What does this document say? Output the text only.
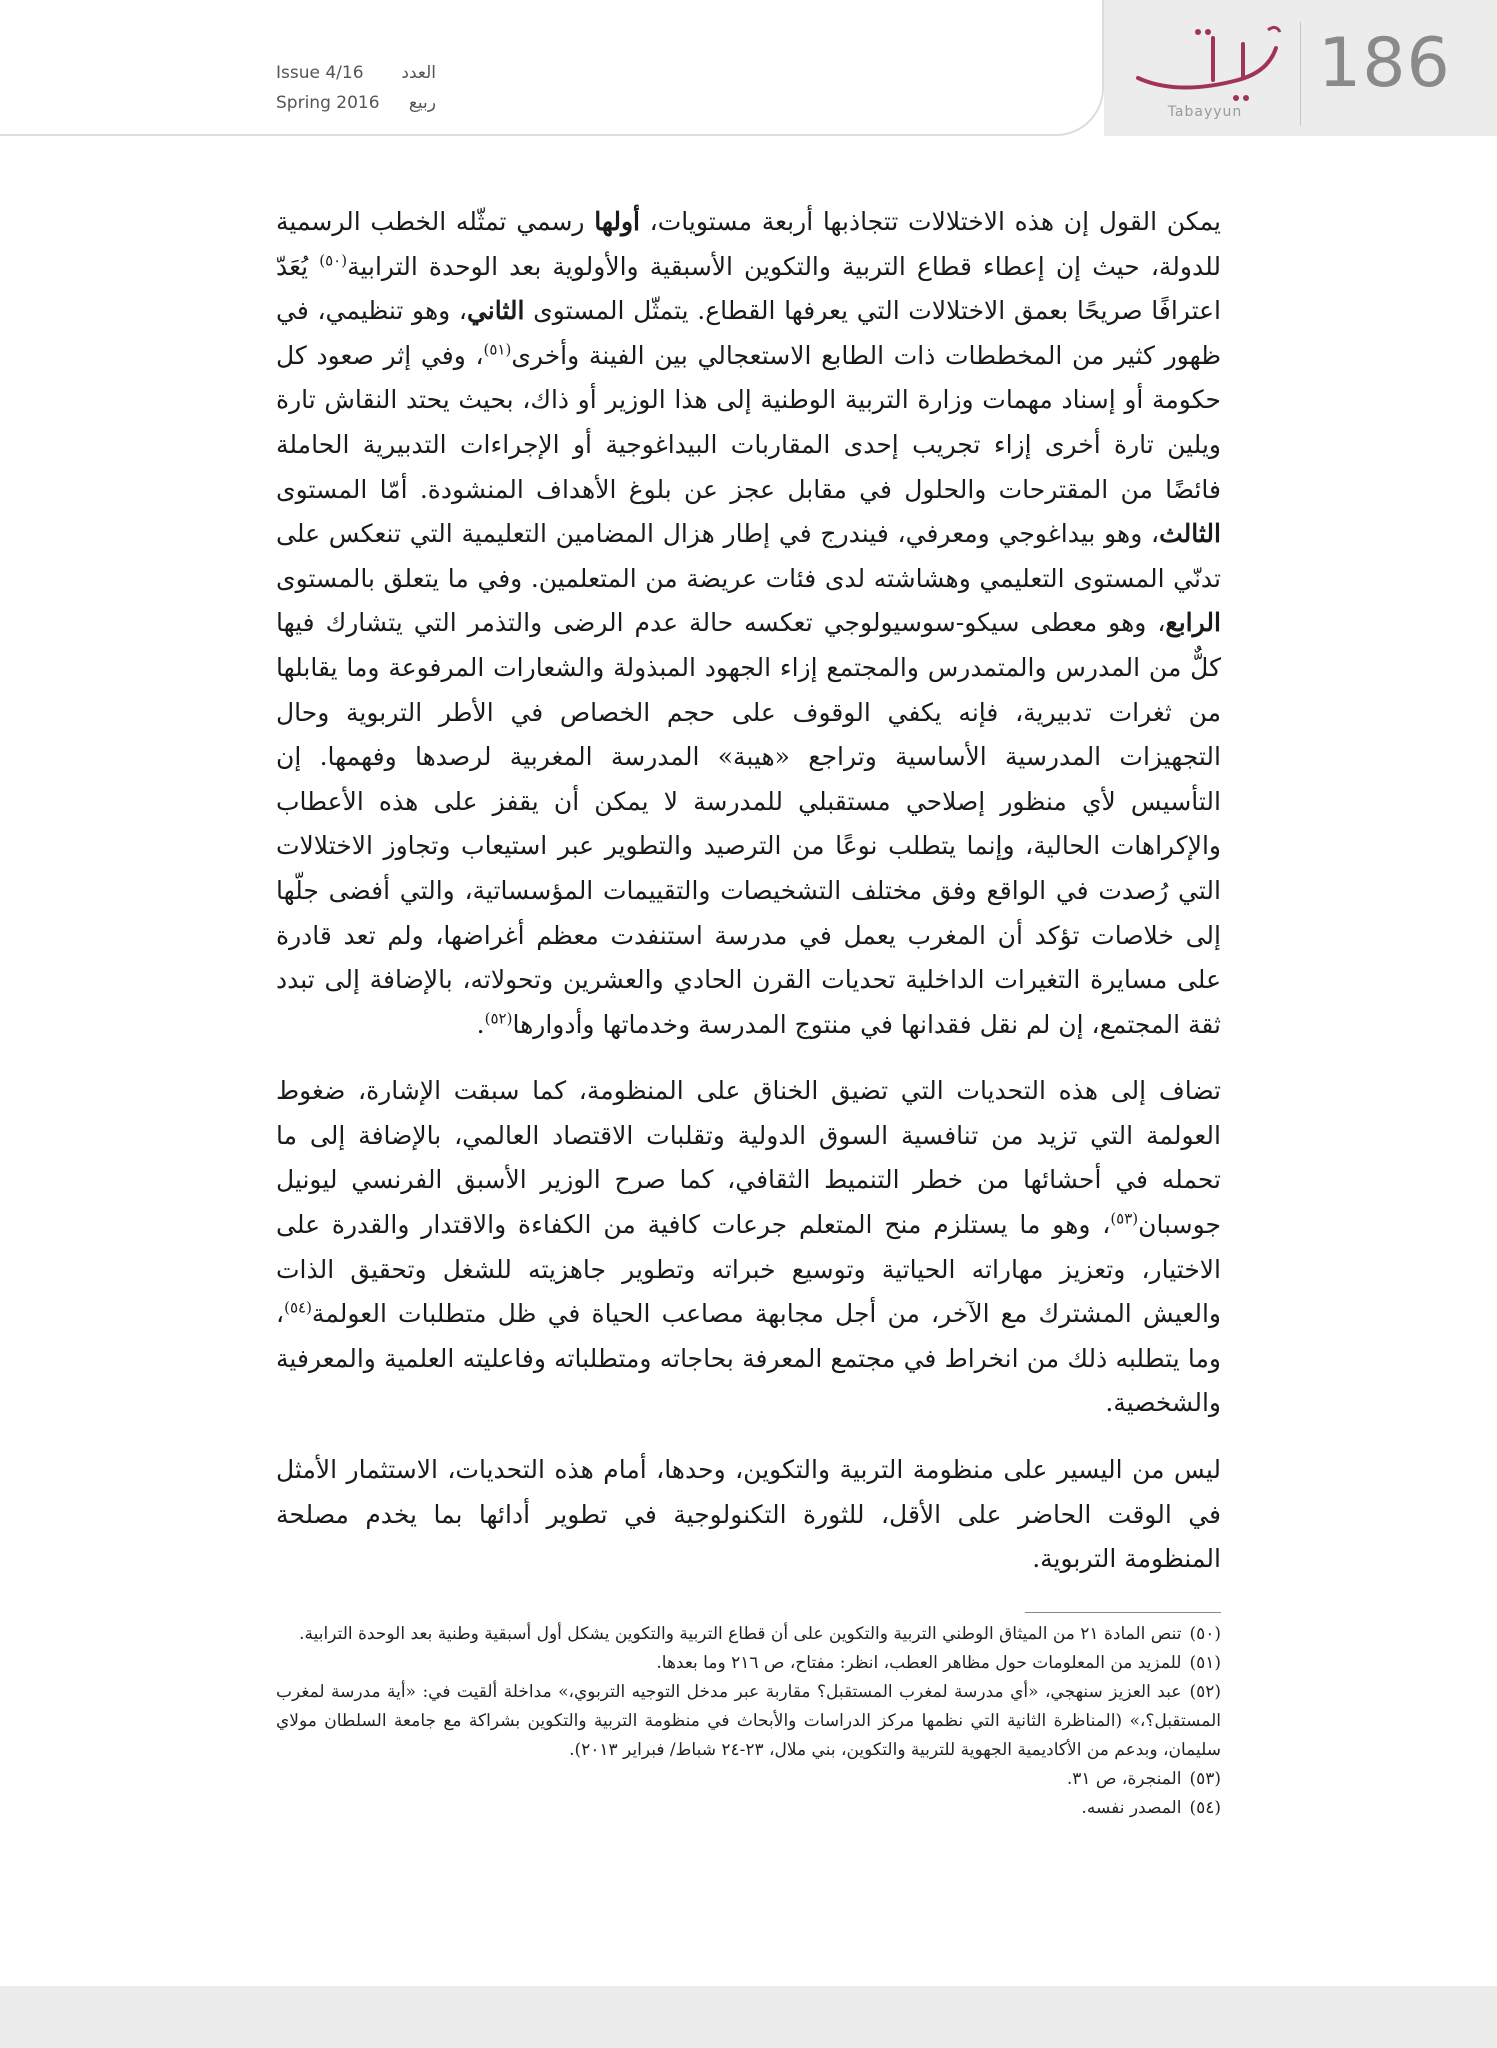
Issue 4/16 العدد
Spring 2016 ربيع
تبيّن
Tabayyun
186

يمكن القول إن هذه الاختلالات تتجاذبها أربعة مستويات، أولها رسمي تمثّله الخطب الرسمية للدولة، حيث إن إعطاء قطاع التربية والتكوين الأسبقية والأولوية بعد الوحدة الترابية$^{(٥٠)}$ يُعَدّ اعترافًا صريحًا بعمق الاختلالات التي يعرفها القطاع. يتمثّل المستوى الثاني، وهو تنظيمي، في ظهور كثير من المخططات ذات الطابع الاستعجالي بين الفينة وأخرى$^{(٥١)}$، وفي إثر صعود كل حكومة أو إسناد مهمات وزارة التربية الوطنية إلى هذا الوزير أو ذاك، بحيث يحتد النقاش تارة ويلين تارة أخرى إزاء تجريب إحدى المقاربات البيداغوجية أو الإجراءات التدبيرية الحاملة فائضًا من المقترحات والحلول في مقابل عجز عن بلوغ الأهداف المنشودة. أمّا المستوى الثالث، وهو بيداغوجي ومعرفي، فيندرج في إطار هزال المضامين التعليمية التي تنعكس على تدنّي المستوى التعليمي وهشاشته لدى فئات عريضة من المتعلمين. وفي ما يتعلق بالمستوى الرابع، وهو معطى سيكو-سوسيولوجي تعكسه حالة عدم الرضى والتذمر التي يتشارك فيها كلٌّ من المدرس والمتمدرس والمجتمع إزاء الجهود المبذولة والشعارات المرفوعة وما يقابلها من ثغرات تدبيرية، فإنه يكفي الوقوف على حجم الخصاص في الأطر التربوية وحال التجهيزات المدرسية الأساسية وتراجع «هيبة» المدرسة المغربية لرصدها وفهمها. إن التأسيس لأي منظور إصلاحي مستقبلي للمدرسة لا يمكن أن يقفز على هذه الأعطاب والإكراهات الحالية، وإنما يتطلب نوعًا من الترصيد والتطوير عبر استيعاب وتجاوز الاختلالات التي رُصدت في الواقع وفق مختلف التشخيصات والتقييمات المؤسساتية، والتي أفضى جلّها إلى خلاصات تؤكد أن المغرب يعمل في مدرسة استنفدت معظم أغراضها، ولم تعد قادرة على مسايرة التغيرات الداخلية تحديات القرن الحادي والعشرين وتحولاته، بالإضافة إلى تبدد ثقة المجتمع، إن لم نقل فقدانها في منتوج المدرسة وخدماتها وأدوارها$^{(٥٢)}$.

تضاف إلى هذه التحديات التي تضيق الخناق على المنظومة، كما سبقت الإشارة، ضغوط العولمة التي تزيد من تنافسية السوق الدولية وتقلبات الاقتصاد العالمي، بالإضافة إلى ما تحمله في أحشائها من خطر التنميط الثقافي، كما صرح الوزير الأسبق الفرنسي ليونيل جوسبان$^{(٥٣)}$، وهو ما يستلزم منح المتعلم جرعات كافية من الكفاءة والاقتدار والقدرة على الاختيار، وتعزيز مهاراته الحياتية وتوسيع خبراته وتطوير جاهزيته للشغل وتحقيق الذات والعيش المشترك مع الآخر، من أجل مجابهة مصاعب الحياة في ظل متطلبات العولمة$^{(٥٤)}$، وما يتطلبه ذلك من انخراط في مجتمع المعرفة بحاجاته ومتطلباته وفاعليته العلمية والمعرفية والشخصية.

ليس من اليسير على منظومة التربية والتكوين، وحدها، أمام هذه التحديات، الاستثمار الأمثل في الوقت الحاضر على الأقل، للثورة التكنولوجية في تطوير أدائها بما يخدم مصلحة المنظومة التربوية.

(٥٠)تنص المادة ٢١ من الميثاق الوطني التربية والتكوين على أن قطاع التربية والتكوين يشكل أول أسبقية وطنية بعد الوحدة الترابية.

(٥١)للمزيد من المعلومات حول مظاهر العطب، انظر: مفتاح، ص ٢١٦ وما بعدها.

(٥٢)عبد العزيز سنهجي، «أي مدرسة لمغرب المستقبل؟ مقاربة عبر مدخل التوجيه التربوي،» مداخلة ألقيت في: «أية مدرسة لمغرب المستقبل؟،» (المناظرة الثانية التي نظمها مركز الدراسات والأبحاث في منظومة التربية والتكوين بشراكة مع جامعة السلطان مولاي سليمان، وبدعم من الأكاديمية الجهوية للتربية والتكوين، بني ملال، ٢٣-٢٤ شباط/ فبراير ٢٠١٣).

(٥٣)المنجرة، ص ٣١.

(٥٤)المصدر نفسه.
